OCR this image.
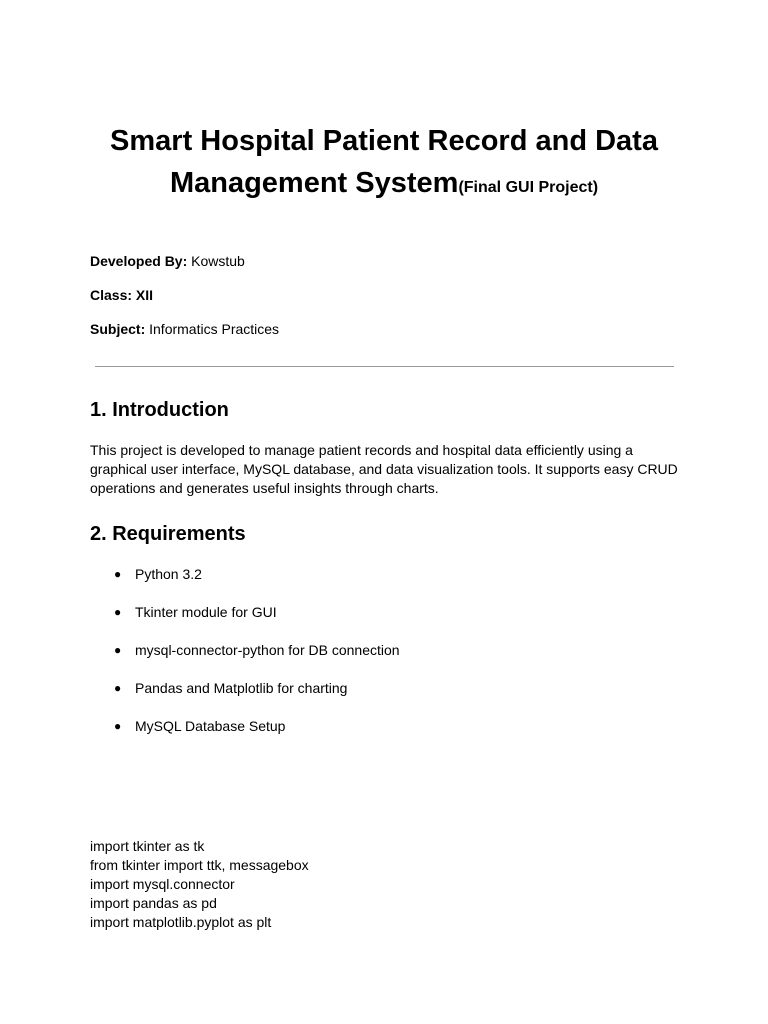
Smart Hospital Patient Record and Data Management System(Final GUI Project)
Developed By: Kowstub
Class: XII
Subject: Informatics Practices
1. Introduction
This project is developed to manage patient records and hospital data efficiently using a graphical user interface, MySQL database, and data visualization tools. It supports easy CRUD operations and generates useful insights through charts.
2. Requirements
● Python 3.2
● Tkinter module for GUI
● mysql-connector-python for DB connection
● Pandas and Matplotlib for charting
● MySQL Database Setup
import tkinter as tk
from tkinter import ttk, messagebox
import mysql.connector
import pandas as pd
import matplotlib.pyplot as plt
